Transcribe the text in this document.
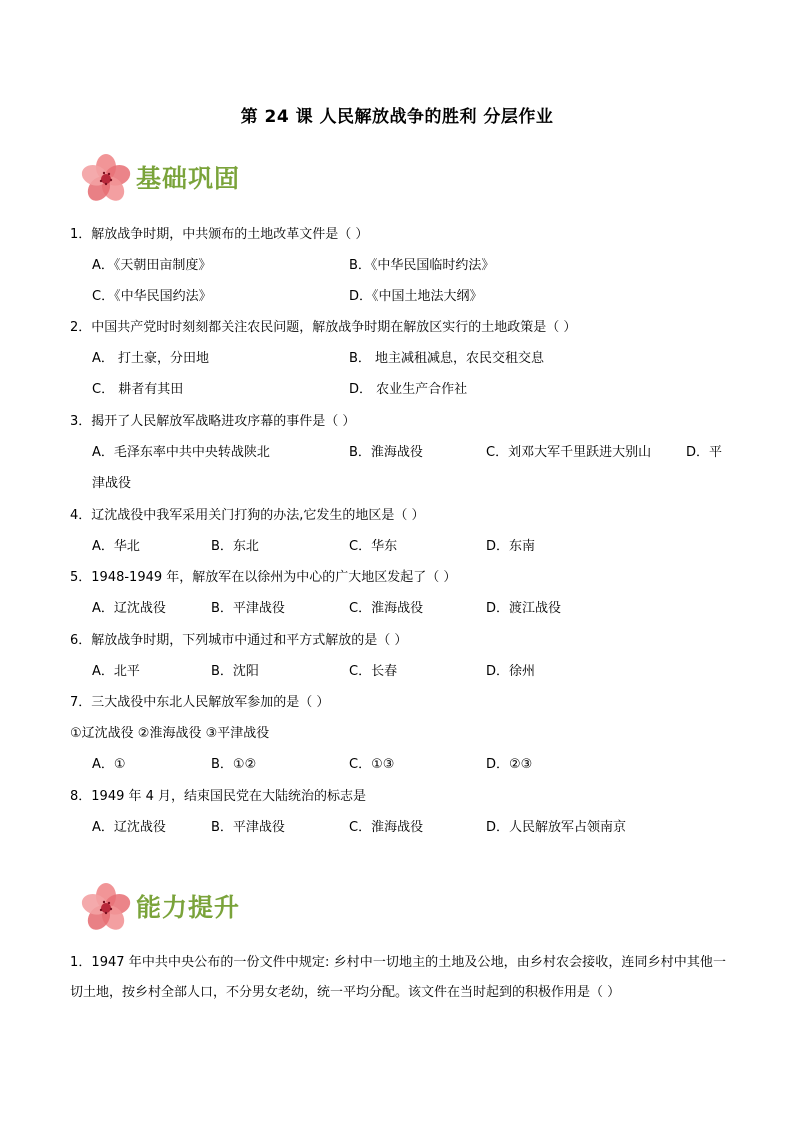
第 24 课 人民解放战争的胜利 分层作业
基础巩固
1．解放战争时期，中共颁布的土地改革文件是（ ）
A．《天朝田亩制度》	B．《中华民国临时约法》
C．《中华民国约法》	D．《中国土地法大纲》
2．中国共产党时时刻刻都关注农民问题，解放战争时期在解放区实行的土地政策是（ ）
A． 打土豪，分田地	B． 地主减租减息，农民交租交息
C． 耕者有其田	D． 农业生产合作社
3．揭开了人民解放军战略进攻序幕的事件是（ ）
A．毛泽东率中共中央转战陕北	B．淮海战役	C．刘邓大军千里跃进大别山	D．平
津战役
4．辽沈战役中我军采用关门打狗的办法,它发生的地区是（ ）
A．华北	B．东北	C．华东	D．东南
5．1948-1949 年，解放军在以徐州为中心的广大地区发起了（ ）
A．辽沈战役	B．平津战役	C．淮海战役	D．渡江战役
6．解放战争时期，下列城市中通过和平方式解放的是（ ）
A．北平	B．沈阳	C．长春	D．徐州
7．三大战役中东北人民解放军参加的是（ ）
①辽沈战役 ②淮海战役 ③平津战役
A．①	B．①②	C．①③	D．②③
8．1949 年 4 月，结束国民党在大陆统治的标志是
A．辽沈战役	B．平津战役	C．淮海战役	D．人民解放军占领南京
能力提升
1．1947 年中共中央公布的一份文件中规定: 乡村中一切地主的土地及公地，由乡村农会接收，连同乡村中其他一切土地，按乡村全部人口，不分男女老幼，统一平均分配。该文件在当时起到的积极作用是（ ）
